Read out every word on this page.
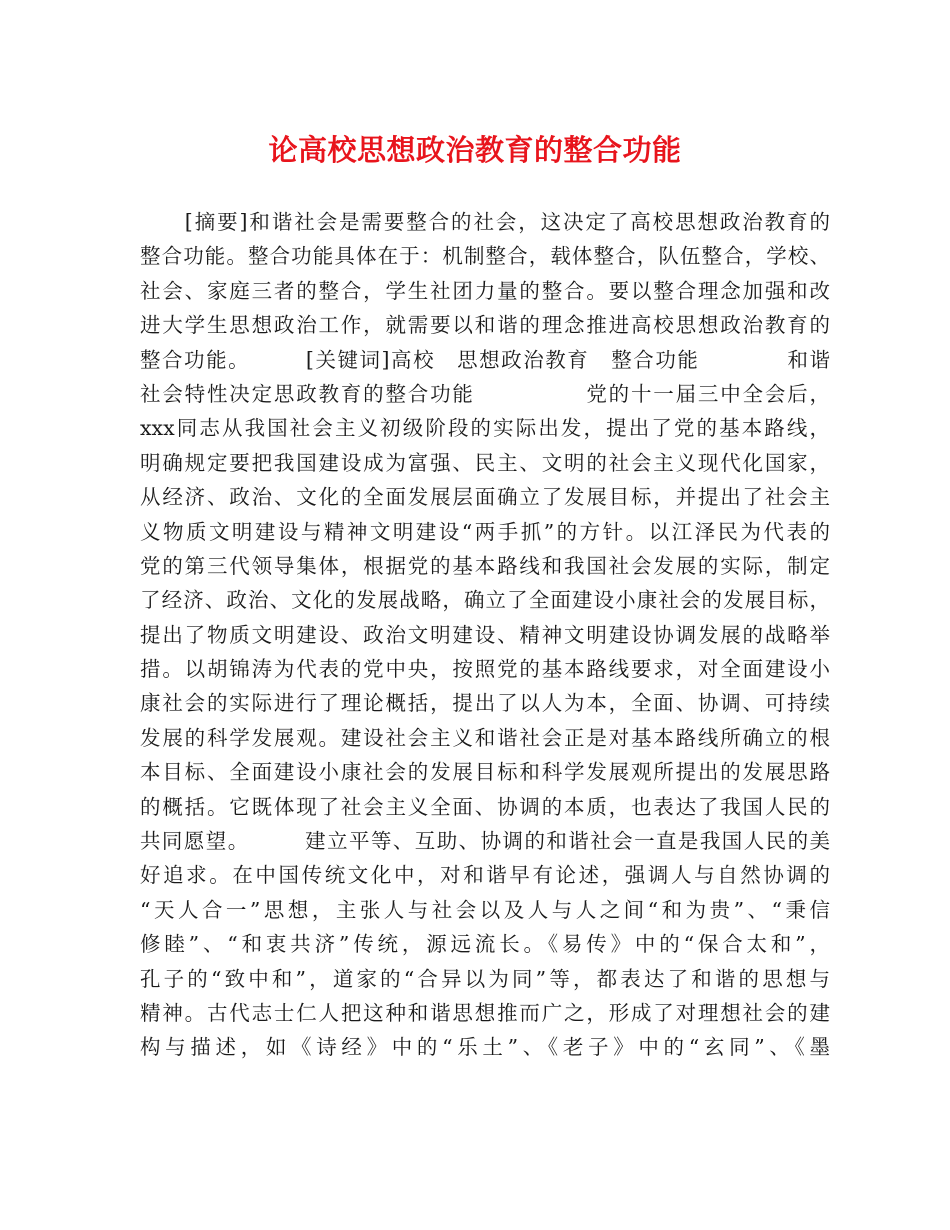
论高校思想政治教育的整合功能
　　[摘要]和谐社会是需要整合的社会，这决定了高校思想政治教育的
整合功能。整合功能具体在于：机制整合，载体整合，队伍整合，学校、
社会、家庭三者的整合，学生社团力量的整合。要以整合理念加强和改
进大学生思想政治工作，就需要以和谐的理念推进高校思想政治教育的
整合功能。　　　[关键词]高校　思想政治教育　整合功能　　　　和谐
社会特性决定思政教育的整合功能　　　　　党的十一届三中全会后，
xxx同志从我国社会主义初级阶段的实际出发，提出了党的基本路线，
明确规定要把我国建设成为富强、民主、文明的社会主义现代化国家，
从经济、政治、文化的全面发展层面确立了发展目标，并提出了社会主
义物质文明建设与精神文明建设“两手抓”的方针。以江泽民为代表的
党的第三代领导集体，根据党的基本路线和我国社会发展的实际，制定
了经济、政治、文化的发展战略，确立了全面建设小康社会的发展目标，
提出了物质文明建设、政治文明建设、精神文明建设协调发展的战略举
措。以胡锦涛为代表的党中央，按照党的基本路线要求，对全面建设小
康社会的实际进行了理论概括，提出了以人为本，全面、协调、可持续
发展的科学发展观。建设社会主义和谐社会正是对基本路线所确立的根
本目标、全面建设小康社会的发展目标和科学发展观所提出的发展思路
的概括。它既体现了社会主义全面、协调的本质，也表达了我国人民的
共同愿望。　　　建立平等、互助、协调的和谐社会一直是我国人民的美
好追求。在中国传统文化中，对和谐早有论述，强调人与自然协调的
“天人合一”思想，主张人与社会以及人与人之间“和为贵”、“秉信
修睦”、“和衷共济”传统，源远流长。《易传》中的“保合太和”，
孔子的“致中和”，道家的“合异以为同”等，都表达了和谐的思想与
精神。古代志士仁人把这种和谐思想推而广之，形成了对理想社会的建
构与描述，如《诗经》中的“乐土”、《老子》中的“玄同”、《墨
